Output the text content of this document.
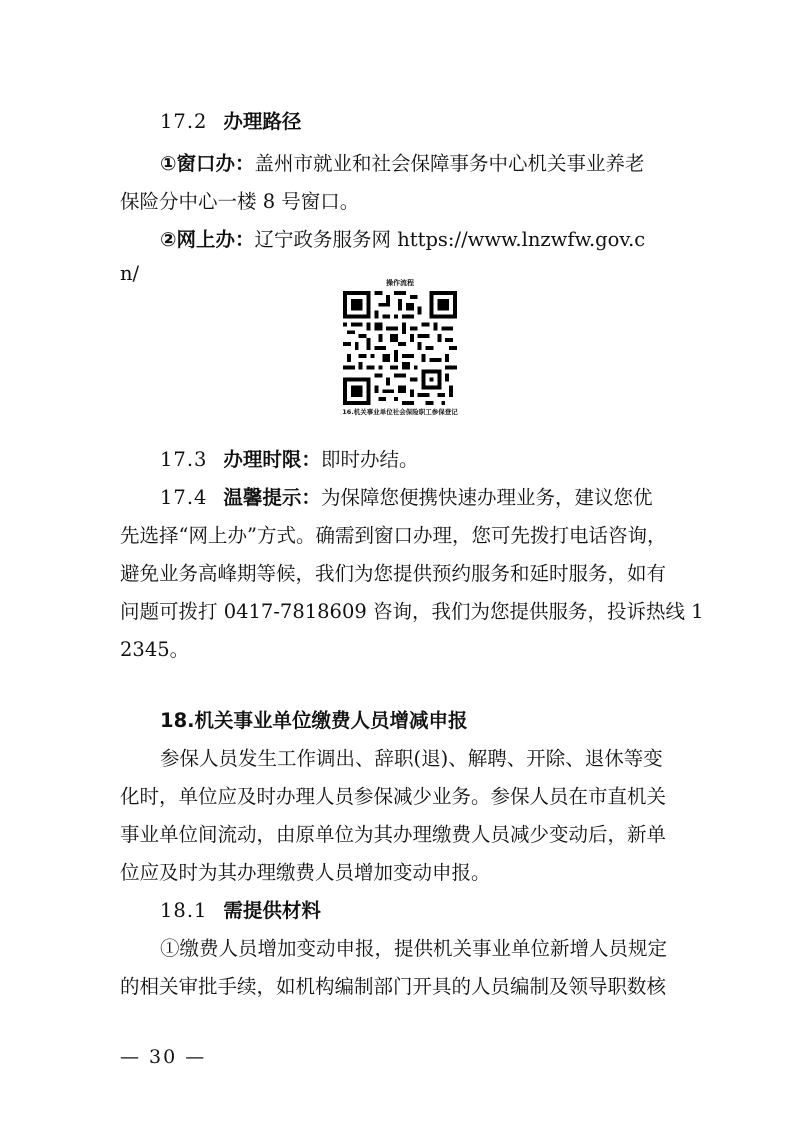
17.2 办理路径
①窗口办：盖州市就业和社会保障事务中心机关事业养老
保险分中心一楼 8 号窗口。
②网上办：辽宁政务服务网 https://www.lnzwfw.gov.c
n/	操作流程
16.机关事业单位社会保险职工参保登记
17.3 办理时限：即时办结。
17.4 温馨提示：为保障您便携快速办理业务，建议您优
先选择“网上办”方式。确需到窗口办理，您可先拨打电话咨询，
避免业务高峰期等候，我们为您提供预约服务和延时服务，如有
问题可拨打 0417-7818609 咨询，我们为您提供服务，投诉热线 1
2345。
18.机关事业单位缴费人员增减申报
参保人员发生工作调出、辞职(退)、解聘、开除、退休等变
化时，单位应及时办理人员参保减少业务。参保人员在市直机关
事业单位间流动，由原单位为其办理缴费人员减少变动后，新单
位应及时为其办理缴费人员增加变动申报。
18.1 需提供材料
①缴费人员增加变动申报，提供机关事业单位新增人员规定
的相关审批手续，如机构编制部门开具的人员编制及领导职数核
— 30 —
